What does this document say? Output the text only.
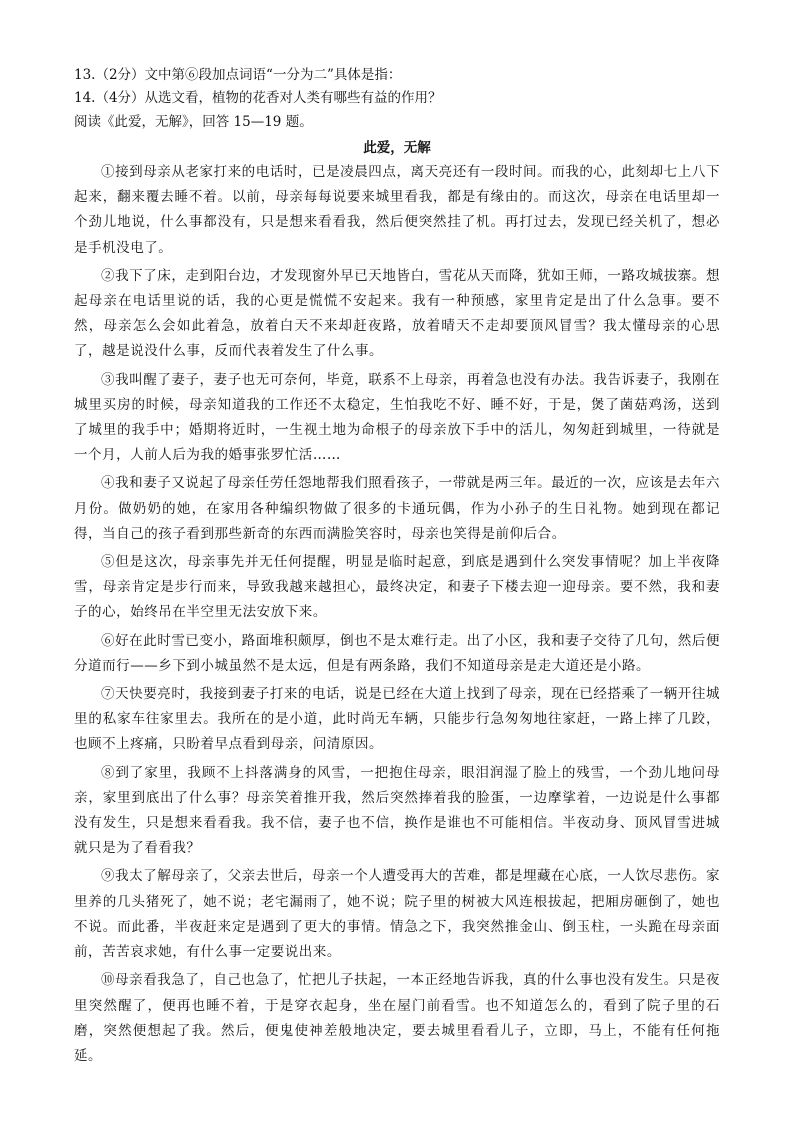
13.（2分）文中第⑥段加点词语“一分为二”具体是指：
14.（4分）从选文看，植物的花香对人类有哪些有益的作用？
阅读《此爱，无解》，回答 15—19 题。
此爱，无解

①接到母亲从老家打来的电话时，已是凌晨四点，离天亮还有一段时间。而我的心，此刻却七上八下起来，翻来覆去睡不着。以前，母亲每每说要来城里看我，都是有缘由的。而这次，母亲在电话里却一个劲儿地说，什么事都没有，只是想来看看我，然后便突然挂了机。再打过去，发现已经关机了，想必是手机没电了。

②我下了床，走到阳台边，才发现窗外早已天地皆白，雪花从天而降，犹如王师，一路攻城拔寨。想起母亲在电话里说的话，我的心更是慌慌不安起来。我有一种预感，家里肯定是出了什么急事。要不然，母亲怎么会如此着急，放着白天不来却赶夜路，放着晴天不走却要顶风冒雪？我太懂母亲的心思了，越是说没什么事，反而代表着发生了什么事。

③我叫醒了妻子，妻子也无可奈何，毕竟，联系不上母亲，再着急也没有办法。我告诉妻子，我刚在城里买房的时候，母亲知道我的工作还不太稳定，生怕我吃不好、睡不好，于是，煲了菌菇鸡汤，送到了城里的我手中；婚期将近时，一生视土地为命根子的母亲放下手中的活儿，匆匆赶到城里，一待就是一个月，人前人后为我的婚事张罗忙活……

④我和妻子又说起了母亲任劳任怨地帮我们照看孩子，一带就是两三年。最近的一次，应该是去年六月份。做奶奶的她，在家用各种编织物做了很多的卡通玩偶，作为小孙子的生日礼物。她到现在都记得，当自己的孩子看到那些新奇的东西而满脸笑容时，母亲也笑得是前仰后合。

⑤但是这次，母亲事先并无任何提醒，明显是临时起意，到底是遇到什么突发事情呢？加上半夜降雪，母亲肯定是步行而来，导致我越来越担心，最终决定，和妻子下楼去迎一迎母亲。要不然，我和妻子的心，始终吊在半空里无法安放下来。

⑥好在此时雪已变小，路面堆积颇厚，倒也不是太难行走。出了小区，我和妻子交待了几句，然后便分道而行——乡下到小城虽然不是太远，但是有两条路，我们不知道母亲是走大道还是小路。

⑦天快要亮时，我接到妻子打来的电话，说是已经在大道上找到了母亲，现在已经搭乘了一辆开往城里的私家车往家里去。我所在的是小道，此时尚无车辆，只能步行急匆匆地往家赶，一路上摔了几跤，也顾不上疼痛，只盼着早点看到母亲，问清原因。

⑧到了家里，我顾不上抖落满身的风雪，一把抱住母亲，眼泪润湿了脸上的残雪，一个劲儿地问母亲，家里到底出了什么事？母亲笑着推开我，然后突然捧着我的脸蛋，一边摩挲着，一边说是什么事都没有发生，只是想来看看我。我不信，妻子也不信，换作是谁也不可能相信。半夜动身、顶风冒雪进城就只是为了看看我？

⑨我太了解母亲了，父亲去世后，母亲一个人遭受再大的苦难，都是埋藏在心底，一人饮尽悲伤。家里养的几头猪死了，她不说；老宅漏雨了，她不说；院子里的树被大风连根拔起，把厢房砸倒了，她也不说。而此番，半夜赶来定是遇到了更大的事情。情急之下，我突然推金山、倒玉柱，一头跪在母亲面前，苦苦哀求她，有什么事一定要说出来。

⑩母亲看我急了，自己也急了，忙把儿子扶起，一本正经地告诉我，真的什么事也没有发生。只是夜里突然醒了，便再也睡不着，于是穿衣起身，坐在屋门前看雪。也不知道怎么的，看到了院子里的石磨，突然便想起了我。然后，便鬼使神差般地决定，要去城里看看儿子，立即，马上，不能有任何拖延。
